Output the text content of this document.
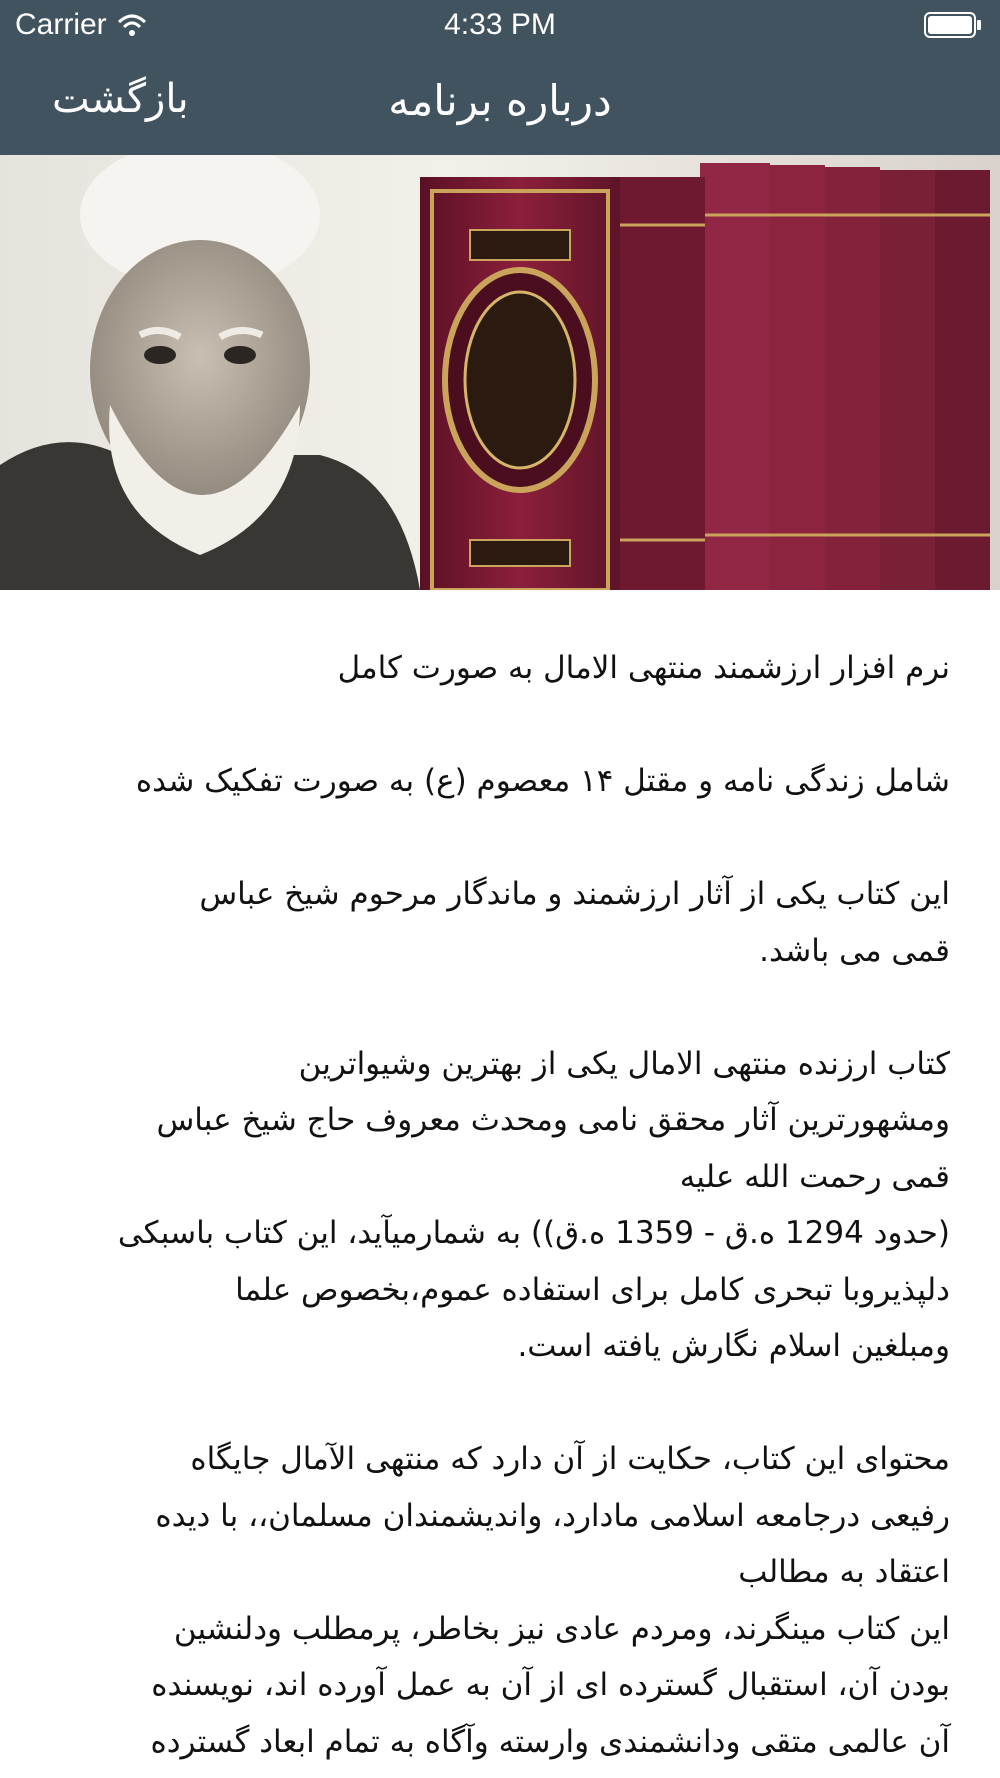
Carrier	4:33 PM
درباره برنامه
بازگشت
نرم افزار ارزشمند منتهی الامال به صورت کامل
شامل زندگی نامه و مقتل ۱۴ معصوم (ع) به صورت تفکیک شده
این کتاب یکی از آثار ارزشمند و ماندگار مرحوم شیخ عباس
قمی می باشد.
کتاب ارزنده منتهی الامال یکی از بهترین وشیواترین
ومشهورترین آثار محقق نامی ومحدث معروف حاج شیخ عباس
قمی رحمت الله علیه
(حدود 1294 ه.ق - 1359 ه.ق)) به شمارمیآید، این کتاب باسبکی
دلپذیروبا تبحری کامل برای استفاده عموم،بخصوص علما
ومبلغین اسلام نگارش یافته است.
محتوای این کتاب، حکایت از آن دارد که منتهی الآمال جایگاه
رفیعی درجامعه اسلامی مادارد، واندیشمندان مسلمان،، با دیده
اعتقاد به مطالب
این کتاب مینگرند، ومردم عادی نیز بخاطر، پرمطلب ودلنشین
بودن آن، استقبال گسترده ای از آن به عمل آورده اند، نویسنده
آن عالمی متقی ودانشمندی وارسته وآگاه به تمام ابعاد گسترده
